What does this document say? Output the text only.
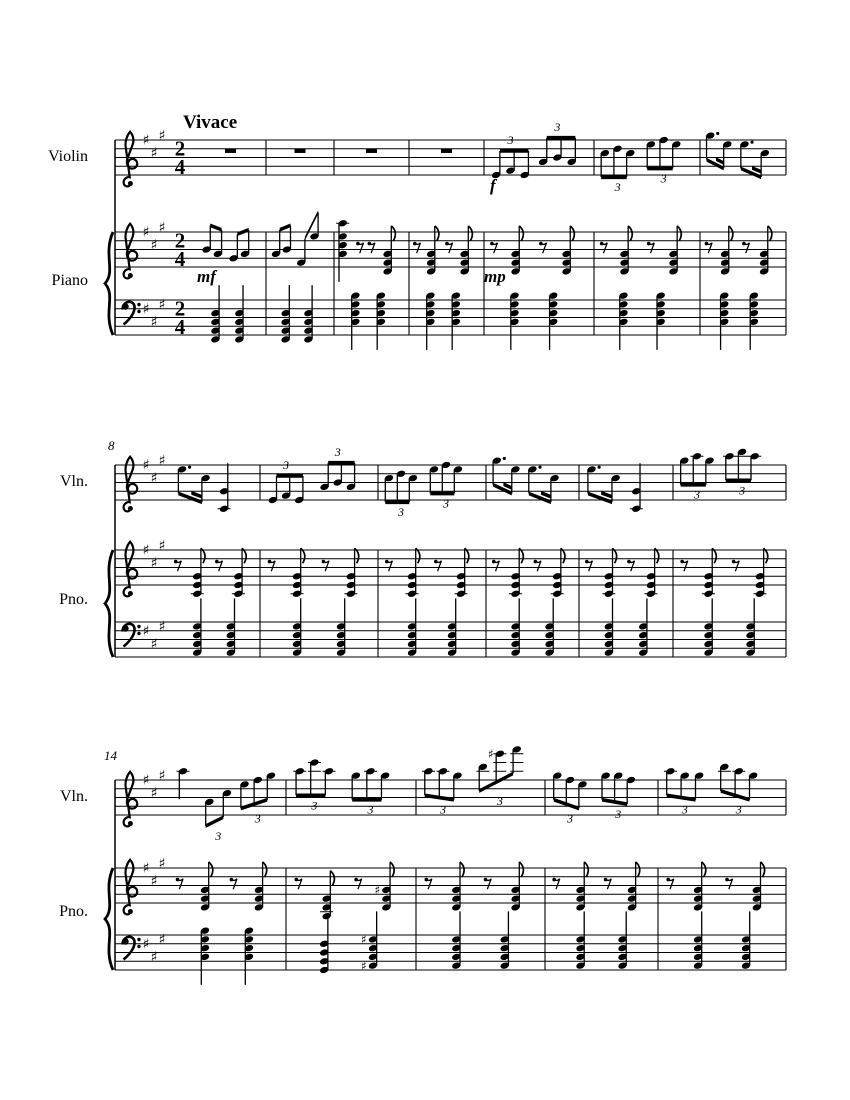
♯
♯
♯
2
4
3
3
3
3
♯
♯
♯
2
4
♯
♯
♯ 2
4
♯
♯
♯	3
3
3
3
3	3
♯
♯
♯
♯
♯
♯
♯
♯
♯
3
3
3	3	3
♯
3
3	3	3	3
♯
♯
♯
♯
♯
♯
♯	♯
♯
Vivace
Violin
Piano
8
Vln.
Pno.
14
Vln.
Pno.
f
mf	mp
